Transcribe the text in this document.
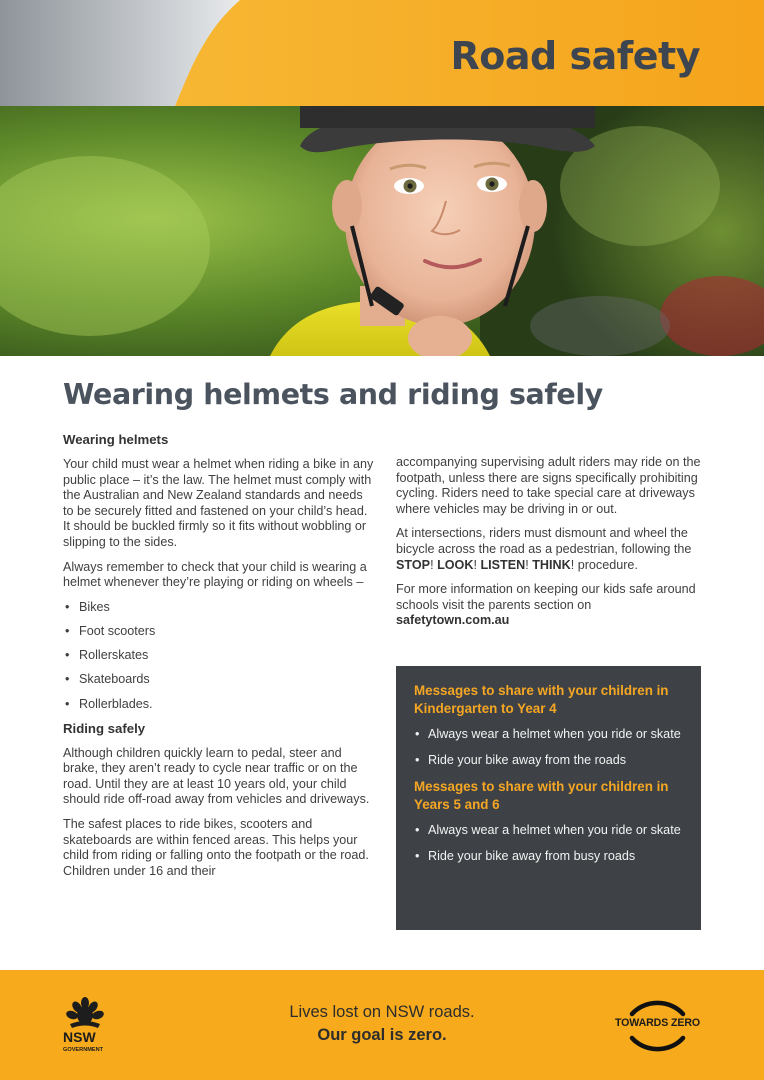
Road safety
Wearing helmets and riding safely
Wearing helmets

Your child must wear a helmet when riding a bike in any public place – it’s the law. The helmet must comply with the Australian and New Zealand standards and needs to be securely fitted and fastened on your child’s head. It should be buckled firmly so it fits without wobbling or slipping to the sides.

Always remember to check that your child is wearing a helmet whenever they’re playing or riding on wheels –

• Bikes
• Foot scooters
• Rollerskates
• Skateboards
• Rollerblades.
Riding safely

Although children quickly learn to pedal, steer and brake, they aren’t ready to cycle near traffic or on the road. Until they are at least 10 years old, your child should ride off-road away from vehicles and driveways.

The safest places to ride bikes, scooters and skateboards are within fenced areas. This helps your child from riding or falling onto the footpath or the road. Children under 16 and their

accompanying supervising adult riders may ride on the footpath, unless there are signs specifically prohibiting cycling. Riders need to take special care at driveways where vehicles may be driving in or out.

At intersections, riders must dismount and wheel the bicycle across the road as a pedestrian, following the STOP! LOOK! LISTEN! THINK! procedure.

For more information on keeping our kids safe around schools visit the parents section on safetytown.com.au

Messages to share with your children in Kindergarten to Year 4
• Always wear a helmet when you ride or skate
• Ride your bike away from the roads
Messages to share with your children in Years 5 and 6
• Always wear a helmet when you ride or skate
• Ride your bike away from busy roads
NSW
GOVERNMENT
Lives lost on NSW roads.
Our goal is zero.
TOWARDS ZERO
